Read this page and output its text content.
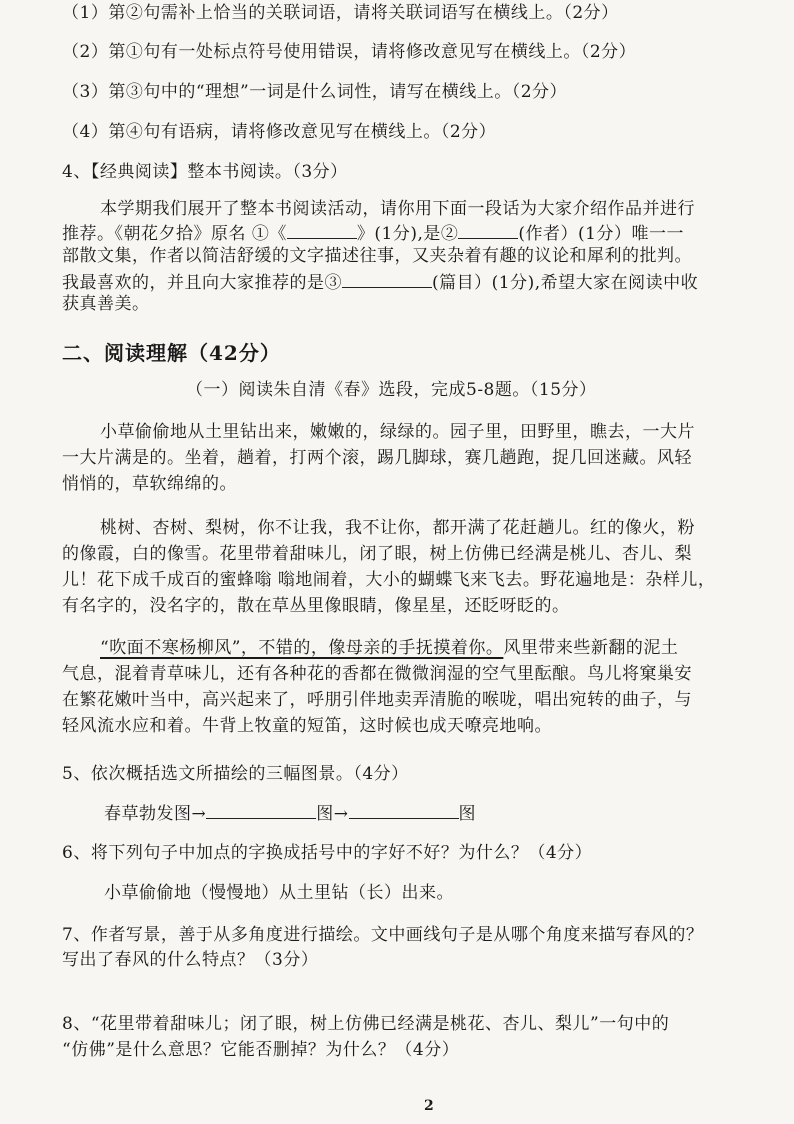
（1）第②句需补上恰当的关联词语，请将关联词语写在横线上。（2分）
（2）第①句有一处标点符号使用错误，请将修改意见写在横线上。（2分）
（3）第③句中的“理想”一词是什么词性，请写在横线上。（2分）
（4）第④句有语病，请将修改意见写在横线上。（2分）
4、【经典阅读】整本书阅读。（3分）
本学期我们展开了整本书阅读活动，请你用下面一段话为大家介绍作品并进行
推荐。《朝花夕拾》原名 ①《	》(1分),是②	(作者）(1分）唯一一
部散文集，作者以简洁舒缓的文字描述往事，又夹杂着有趣的议论和犀利的批判。
我最喜欢的，并且向大家推荐的是③	(篇目）(1分),希望大家在阅读中收
获真善美。
二、阅读理解（42分）
（一）阅读朱自清《春》选段，完成5-8题。（15分）
小草偷偷地从土里钻出来，嫩嫩的，绿绿的。园子里，田野里，瞧去，一大片
一大片满是的。坐着，趟着，打两个滚，踢几脚球，赛几趟跑，捉几回迷藏。风轻
悄悄的，草软绵绵的。
桃树、杏树、梨树，你不让我，我不让你，都开满了花赶趟儿。红的像火，粉
的像霞，白的像雪。花里带着甜味儿，闭了眼，树上仿佛已经满是桃儿、杏儿、梨
儿！花下成千成百的蜜蜂嗡 嗡地闹着，大小的蝴蝶飞来飞去。野花遍地是：杂样儿，
有名字的，没名字的，散在草丛里像眼睛，像星星，还眨呀眨的。
“吹面不寒杨柳风”，不错的，像母亲的手抚摸着你。风里带来些新翻的泥土
气息，混着青草味儿，还有各种花的香都在微微润湿的空气里酝酿。鸟儿将窠巢安
在繁花嫩叶当中，高兴起来了，呼朋引伴地卖弄清脆的喉咙，唱出宛转的曲子，与
轻风流水应和着。牛背上牧童的短笛，这时候也成天嘹亮地响。
5、依次概括选文所描绘的三幅图景。（4分）
春草勃发图→	图→	图
6、将下列句子中加点的字换成括号中的字好不好？为什么？（4分）
小草偷偷地（慢慢地）从土里钻（长）出来。
7、作者写景，善于从多角度进行描绘。文中画线句子是从哪个角度来描写春风的？
写出了春风的什么特点？（3分）
8、“花里带着甜味儿；闭了眼，树上仿佛已经满是桃花、杏儿、梨儿”一句中的
“仿佛”是什么意思？它能否删掉？为什么？（4分）
2
